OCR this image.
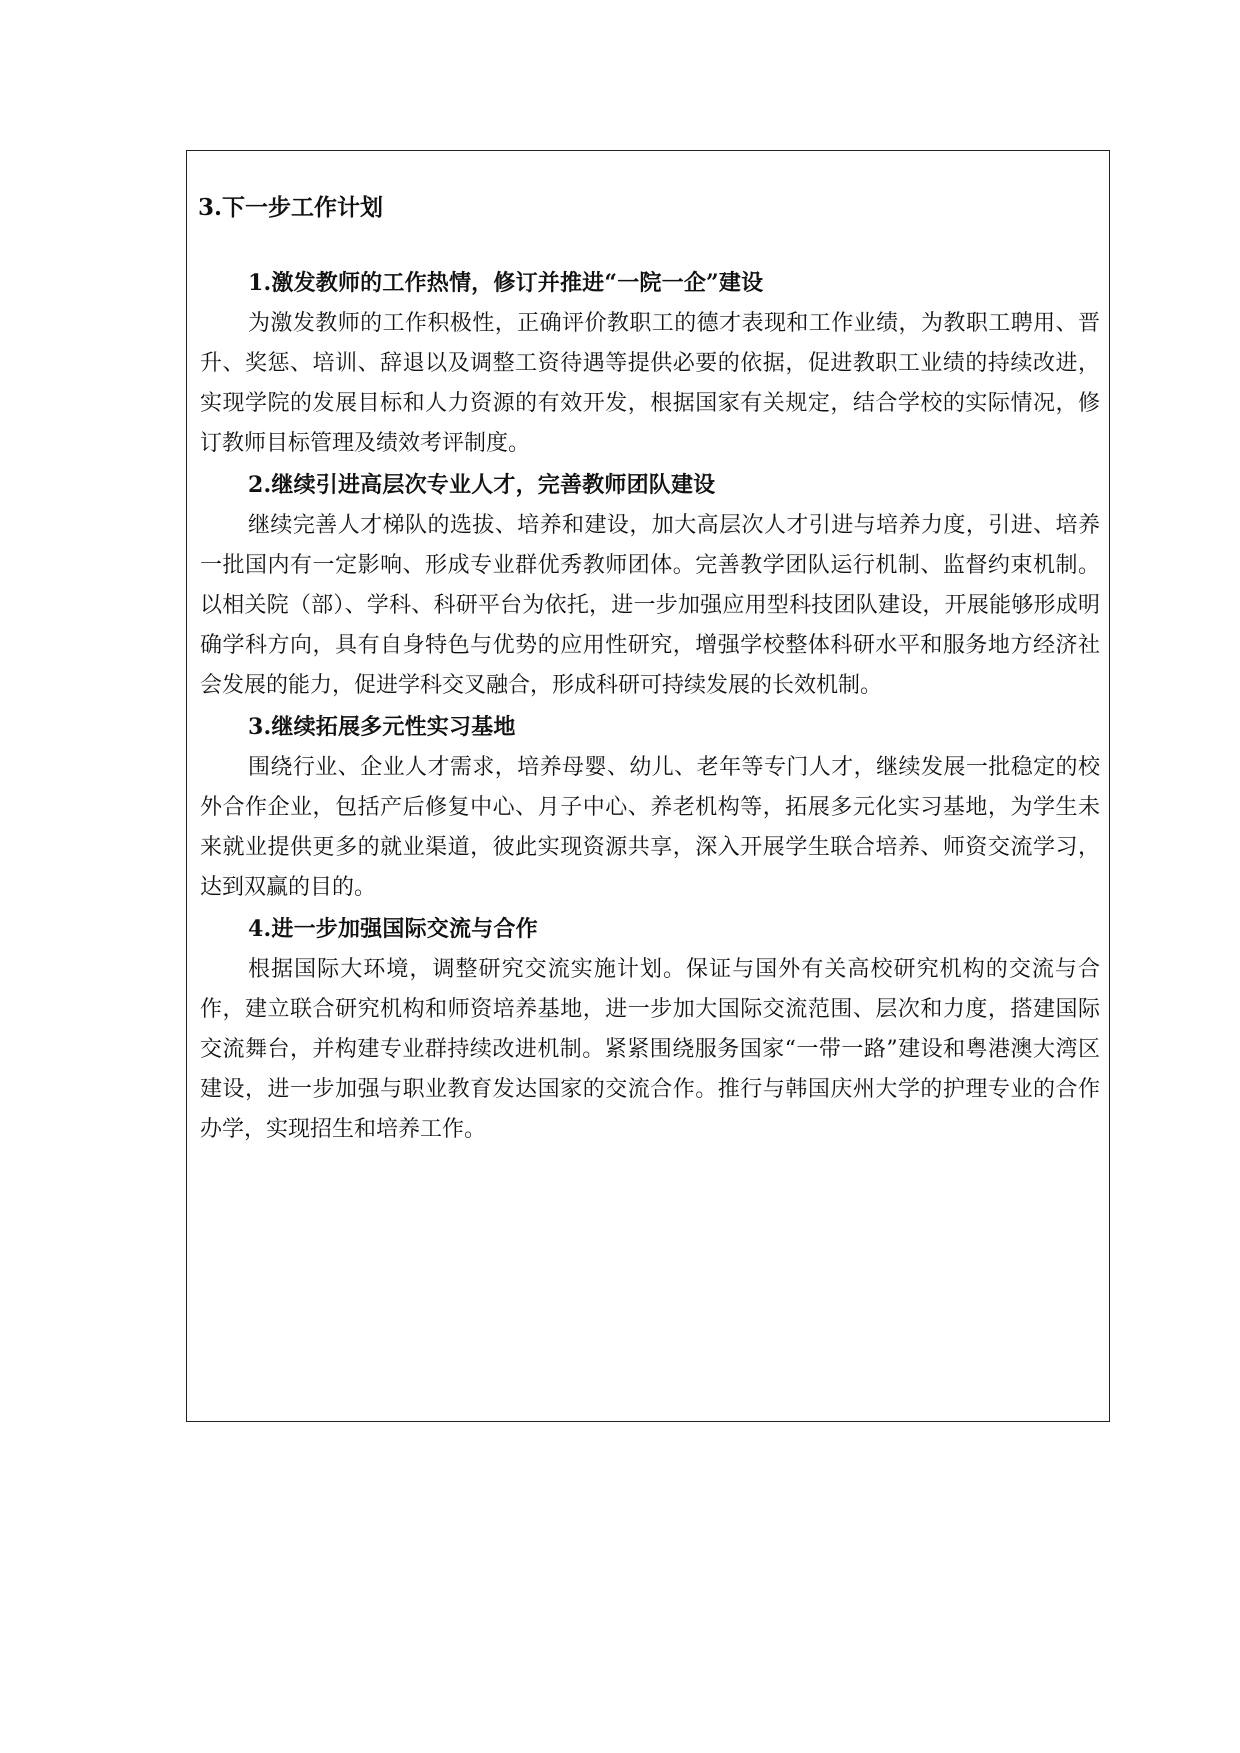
3.下一步工作计划

1.激发教师的工作热情，修订并推进“一院一企”建设

为激发教师的工作积极性，正确评价教职工的德才表现和工作业绩，为教职工聘用、晋升、奖惩、培训、辞退以及调整工资待遇等提供必要的依据，促进教职工业绩的持续改进，实现学院的发展目标和人力资源的有效开发，根据国家有关规定，结合学校的实际情况，修订教师目标管理及绩效考评制度。

2.继续引进高层次专业人才，完善教师团队建设

继续完善人才梯队的选拔、培养和建设，加大高层次人才引进与培养力度，引进、培养一批国内有一定影响、形成专业群优秀教师团体。完善教学团队运行机制、监督约束机制。以相关院（部）、学科、科研平台为依托，进一步加强应用型科技团队建设，开展能够形成明确学科方向，具有自身特色与优势的应用性研究，增强学校整体科研水平和服务地方经济社会发展的能力，促进学科交叉融合，形成科研可持续发展的长效机制。

3.继续拓展多元性实习基地

围绕行业、企业人才需求，培养母婴、幼儿、老年等专门人才，继续发展一批稳定的校外合作企业，包括产后修复中心、月子中心、养老机构等，拓展多元化实习基地，为学生未来就业提供更多的就业渠道，彼此实现资源共享，深入开展学生联合培养、师资交流学习，达到双赢的目的。

4.进一步加强国际交流与合作

根据国际大环境，调整研究交流实施计划。保证与国外有关高校研究机构的交流与合作，建立联合研究机构和师资培养基地，进一步加大国际交流范围、层次和力度，搭建国际交流舞台，并构建专业群持续改进机制。紧紧围绕服务国家“一带一路”建设和粤港澳大湾区建设，进一步加强与职业教育发达国家的交流合作。推行与韩国庆州大学的护理专业的合作办学，实现招生和培养工作。
